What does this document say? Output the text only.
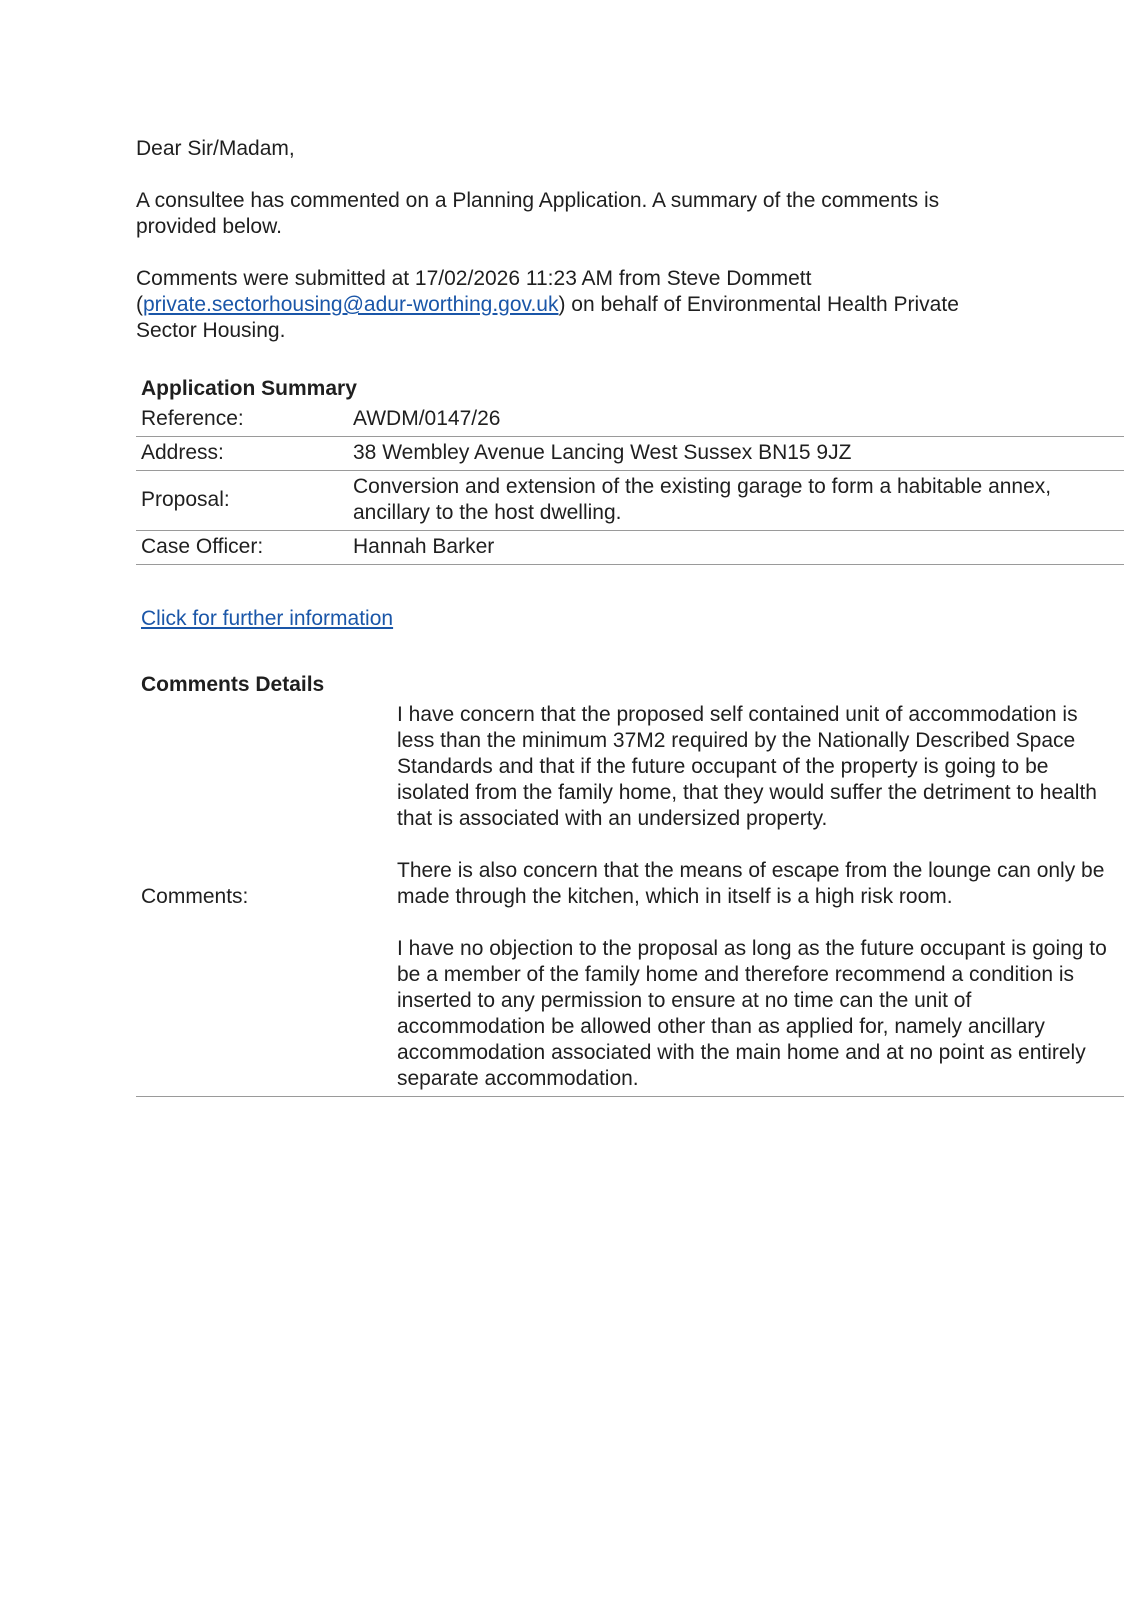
Dear Sir/Madam,

A consultee has commented on a Planning Application. A summary of the comments is provided below.

Comments were submitted at 17/02/2026 11:23 AM from Steve Dommett (private.sectorhousing@adur-worthing.gov.uk) on behalf of Environmental Health Private Sector Housing.

Application Summary
Reference:	AWDM/0147/26
Address:	38 Wembley Avenue Lancing West Sussex BN15 9JZ
Proposal:	Conversion and extension of the existing garage to form a habitable annex, ancillary to the host dwelling.
Case Officer:	Hannah Barker

Click for further information

Comments Details
Comments:	

I have concern that the proposed self contained unit of accommodation is less than the minimum 37M2 required by the Nationally Described Space Standards and that if the future occupant of the property is going to be isolated from the family home, that they would suffer the detriment to health that is associated with an undersized property.

There is also concern that the means of escape from the lounge can only be made through the kitchen, which in itself is a high risk room.

I have no objection to the proposal as long as the future occupant is going to be a member of the family home and therefore recommend a condition is inserted to any permission to ensure at no time can the unit of accommodation be allowed other than as applied for, namely ancillary accommodation associated with the main home and at no point as entirely separate accommodation.
